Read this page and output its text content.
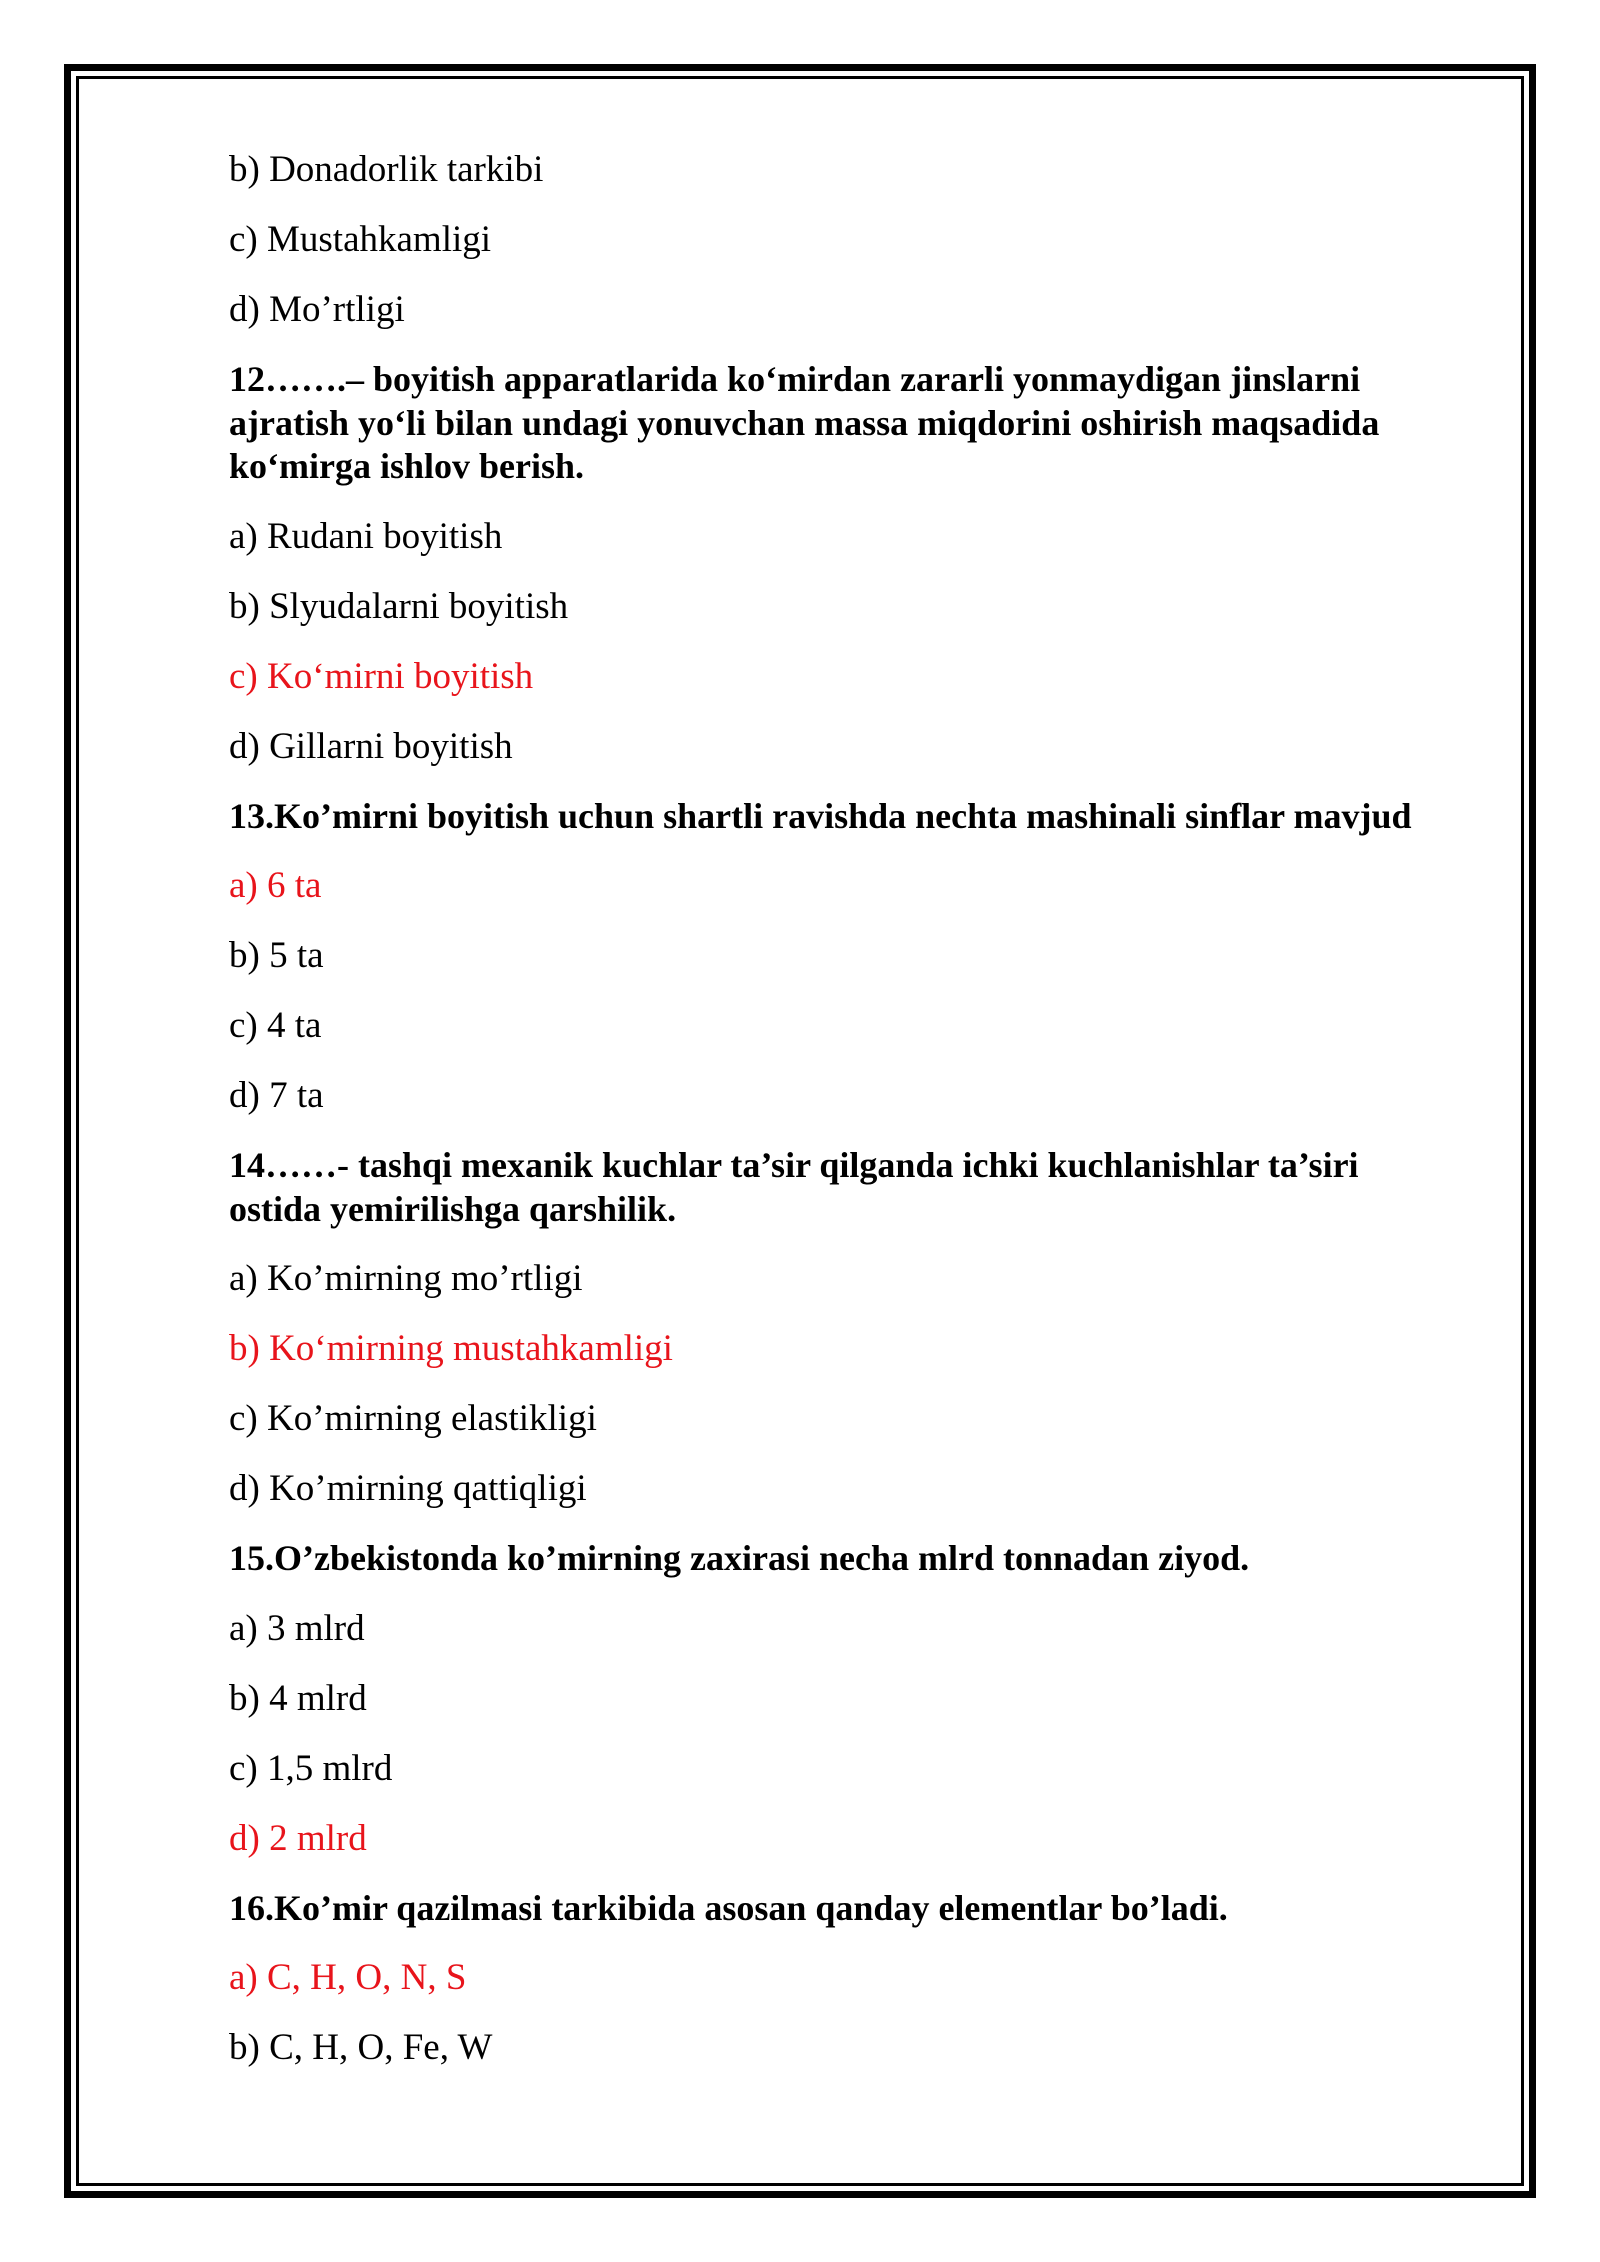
b) Donadorlik tarkibi
c) Mustahkamligi
d) Mo’rtligi
12…….– boyitish apparatlarida ko‘mirdan zararli yonmaydigan jinslarni
ajratish yo‘li bilan undagi yonuvchan massa miqdorini oshirish maqsadida
ko‘mirga ishlov berish.
a) Rudani boyitish
b) Slyudalarni boyitish
c) Ko‘mirni boyitish
d) Gillarni boyitish
13.Ko’mirni boyitish uchun shartli ravishda nechta mashinali sinflar mavjud
a) 6 ta
b) 5 ta
c) 4 ta
d) 7 ta
14……- tashqi mexanik kuchlar ta’sir qilganda ichki kuchlanishlar ta’siri
ostida yemirilishga qarshilik.
a) Ko’mirning mo’rtligi
b) Ko‘mirning mustahkamligi
c) Ko’mirning elastikligi
d) Ko’mirning qattiqligi
15.O’zbekistonda ko’mirning zaxirasi necha mlrd tonnadan ziyod.
a) 3 mlrd
b) 4 mlrd
c) 1,5 mlrd
d) 2 mlrd
16.Ko’mir qazilmasi tarkibida asosan qanday elementlar bo’ladi.
a) C, H, O, N, S
b) C, H, O, Fe, W
